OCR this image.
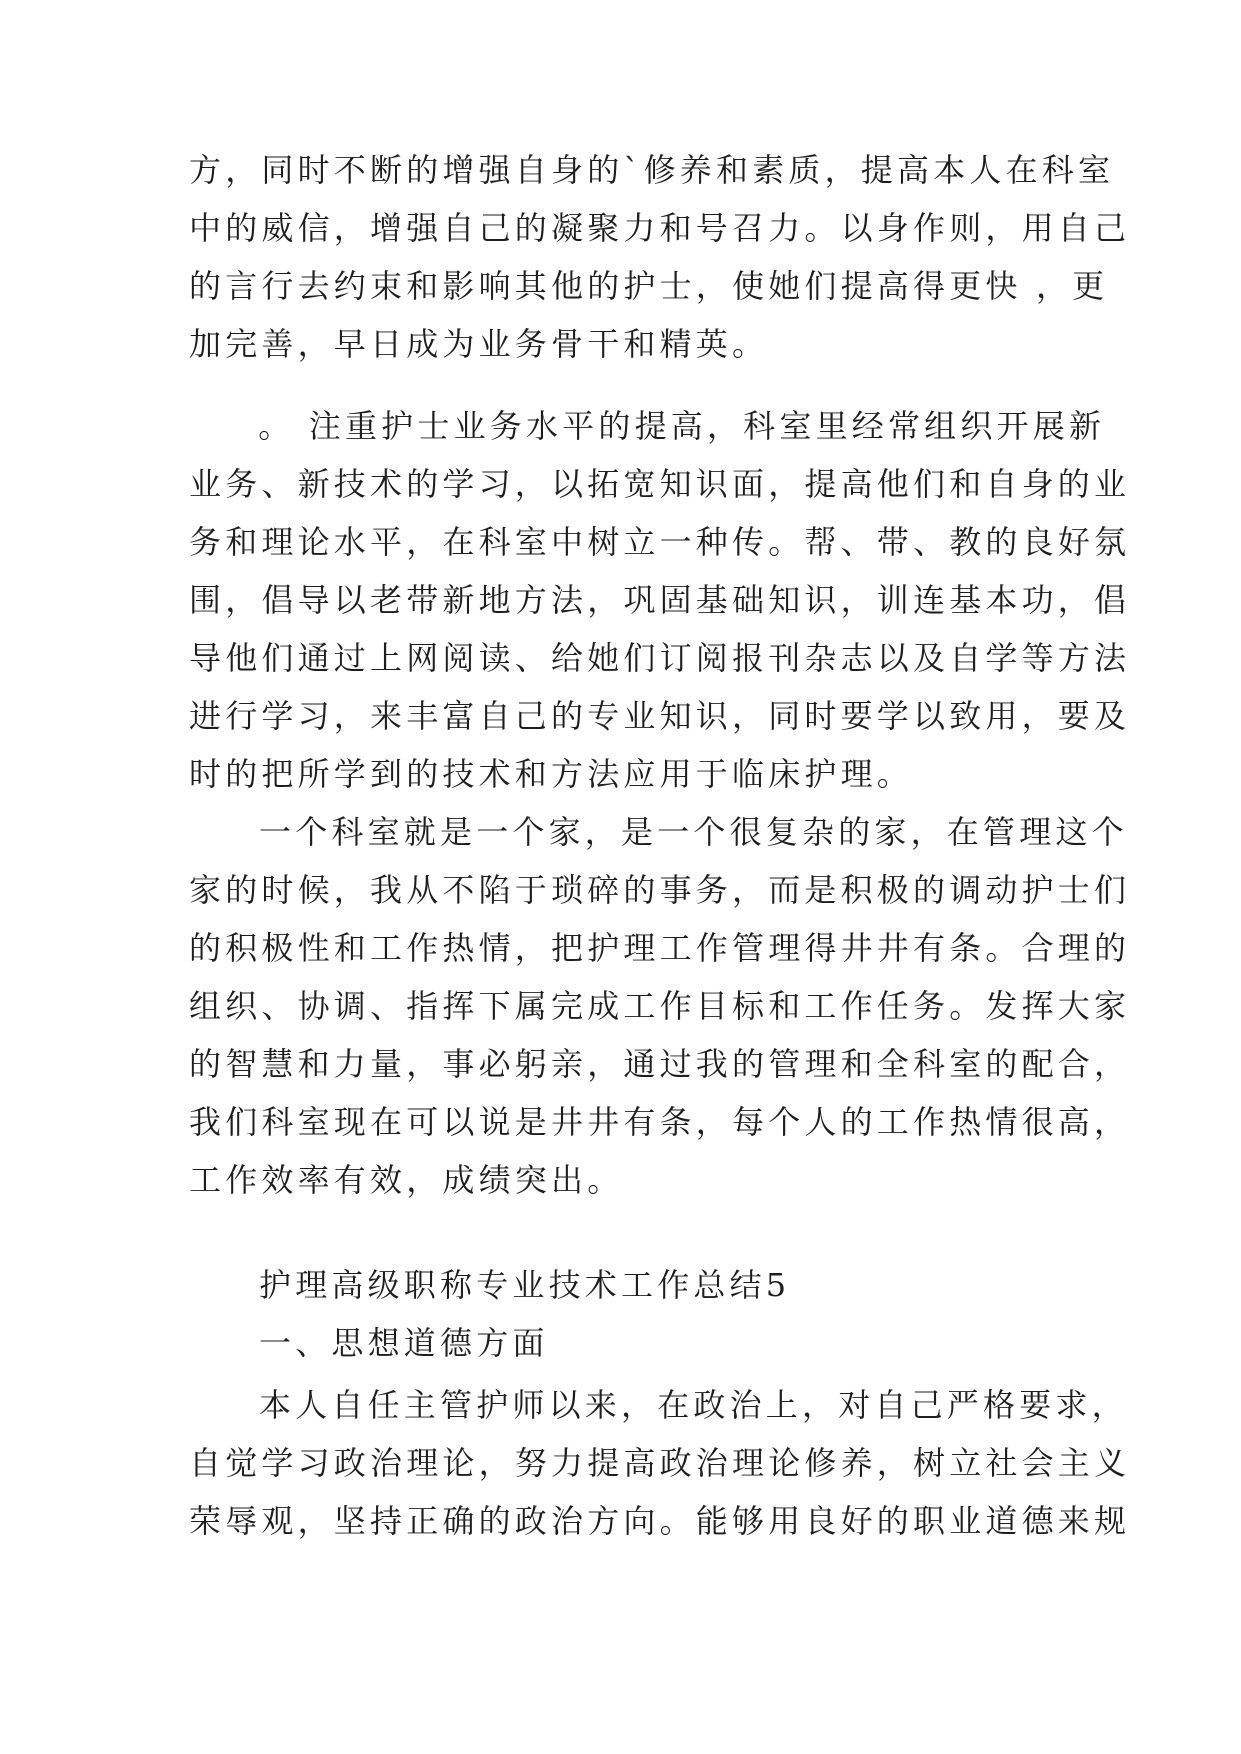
方，同时不断的增强自身的`修养和素质，提高本人在科室
中的威信，增强自己的凝聚力和号召力。以身作则，用自己
的言行去约束和影响其他的护士，使她们提高得更快 ，更
加完善，早日成为业务骨干和精英。
　。 注重护士业务水平的提高，科室里经常组织开展新
业务、新技术的学习，以拓宽知识面，提高他们和自身的业
务和理论水平，在科室中树立一种传。帮、带、教的良好氛
围，倡导以老带新地方法，巩固基础知识，训连基本功，倡
导他们通过上网阅读、给她们订阅报刊杂志以及自学等方法
进行学习，来丰富自己的专业知识，同时要学以致用，要及
时的把所学到的技术和方法应用于临床护理。
一个科室就是一个家，是一个很复杂的家，在管理这个
家的时候，我从不陷于琐碎的事务，而是积极的调动护士们
的积极性和工作热情，把护理工作管理得井井有条。合理的
组织、协调、指挥下属完成工作目标和工作任务。发挥大家
的智慧和力量，事必躬亲，通过我的管理和全科室的配合，
我们科室现在可以说是井井有条，每个人的工作热情很高，
工作效率有效，成绩突出。
护理高级职称专业技术工作总结5
一、思想道德方面
本人自任主管护师以来，在政治上，对自己严格要求，
自觉学习政治理论，努力提高政治理论修养，树立社会主义
荣辱观，坚持正确的政治方向。能够用良好的职业道德来规
